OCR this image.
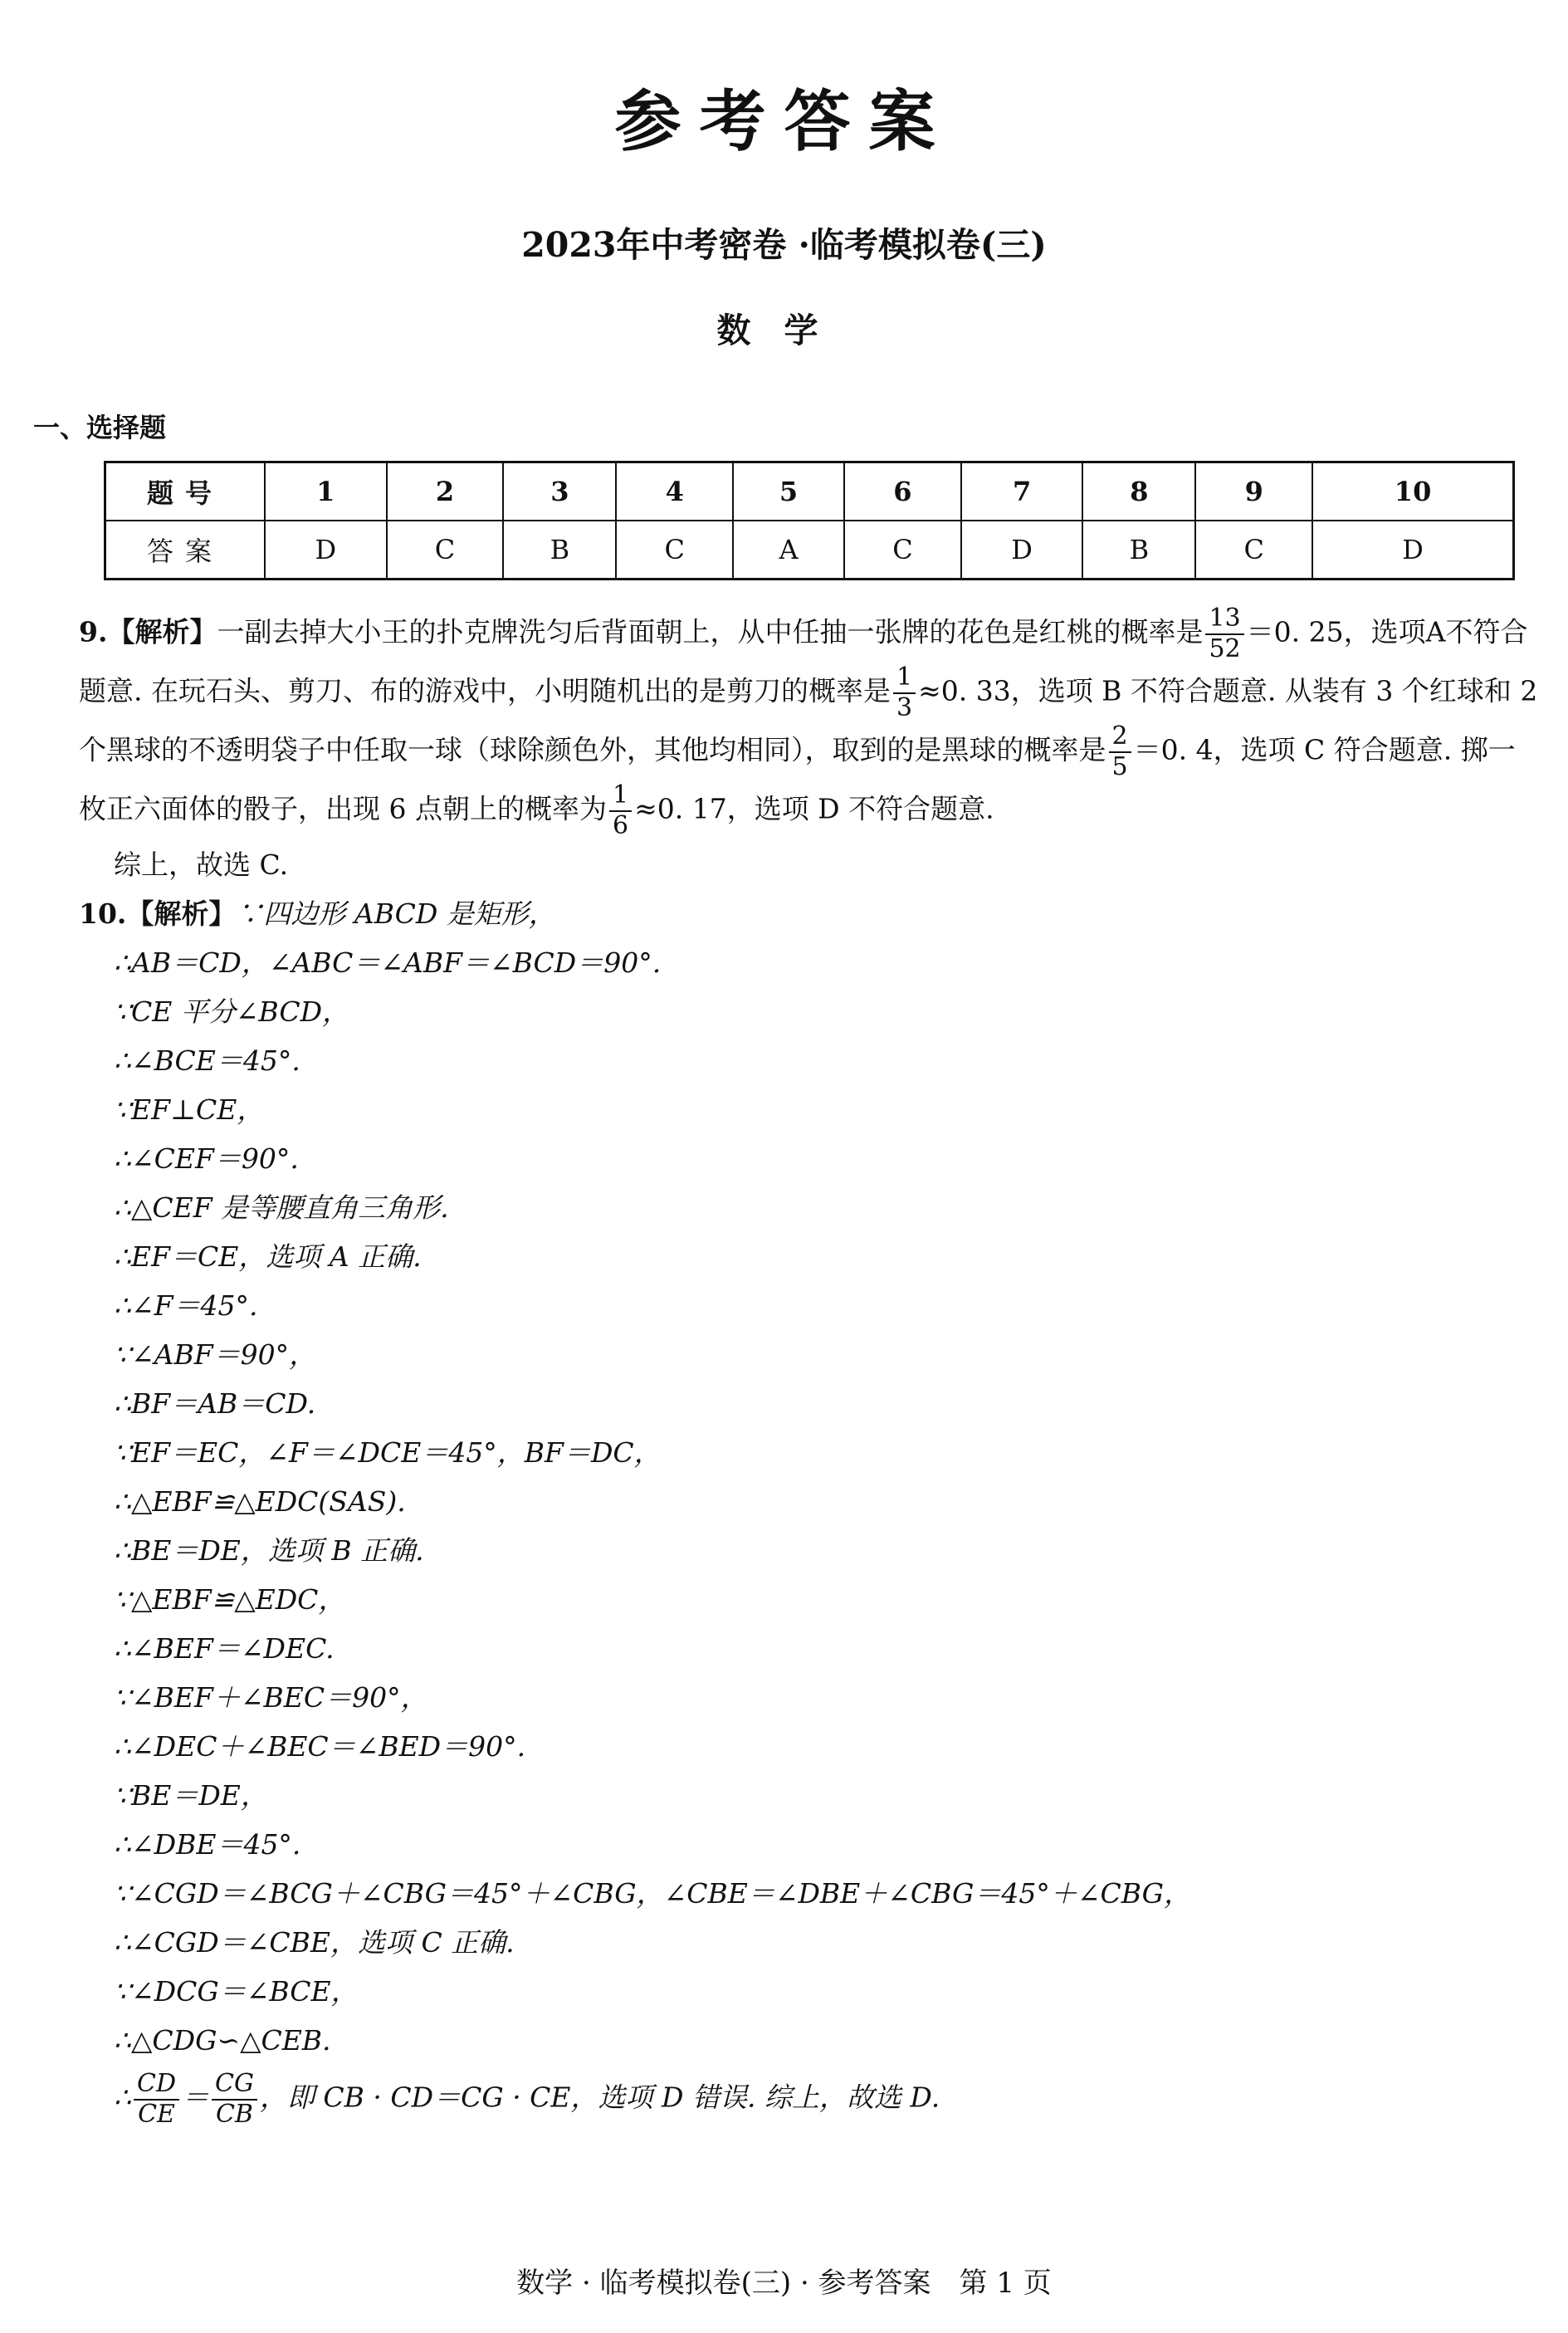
参考答案
2023年中考密卷 ·临考模拟卷(三)
数学
一、选择题
题号	1	2	3	4	5	6	7	8	9	10
答案	D	C	B	C	A	C	D	B	C	D

9.【解析】一副去掉大小王的扑克牌洗匀后背面朝上，从中任抽一张牌的花色是红桃的概率是 $\frac{13}{52} =0$. 25，选项A不符合题意. 在玩石头、剪刀、布的游戏中，小明随机出的是剪刀的概率是 $\frac{1}{3} \approx 0$. 33，选项 B 不符合题意. 从装有 3 个红球和 2 个黑球的不透明袋子中任取一球（球除颜色外，其他均相同），取到的是黑球的概率是 $\frac{2}{5} =0$. 4，选项 C 符合题意. 掷一枚正六面体的骰子，出现 6 点朝上的概率为 $\frac{1}{6} \approx 0$. 17，选项 D 不符合题意.

综上，故选 C.

10.【解析】∵四边形 ABCD 是矩形，

∴AB＝CD，∠ABC＝∠ABF＝∠BCD＝90°.
∵CE 平分∠BCD，
∴∠BCE＝45°.
∵EF⊥CE，
∴∠CEF＝90°.
∴△CEF 是等腰直角三角形.
∴EF＝CE，选项 A 正确.
∴∠F＝45°.
∵∠ABF＝90°，
∴BF＝AB＝CD.
∵EF＝EC，∠F＝∠DCE＝45°，BF＝DC，
∴△EBF≌△EDC(SAS).
∴BE＝DE，选项 B 正确.
∵△EBF≌△EDC，
∴∠BEF＝∠DEC.
∵∠BEF＋∠BEC＝90°，
∴∠DEC＋∠BEC＝∠BED＝90°.
∵BE＝DE，
∴∠DBE＝45°.
∵∠CGD＝∠BCG＋∠CBG＝45°＋∠CBG，∠CBE＝∠DBE＋∠CBG＝45°＋∠CBG，
∴∠CGD＝∠CBE，选项 C 正确.
∵∠DCG＝∠BCE，
∴△CDG∽△CEB.
∴ $\frac{CD}{CE} = \frac{CG}{CB}$ ，即 CB · CD＝CG · CE，选项 D 错误. 综上，故选 D.
数学 · 临考模拟卷(三) · 参考答案　第 1 页
